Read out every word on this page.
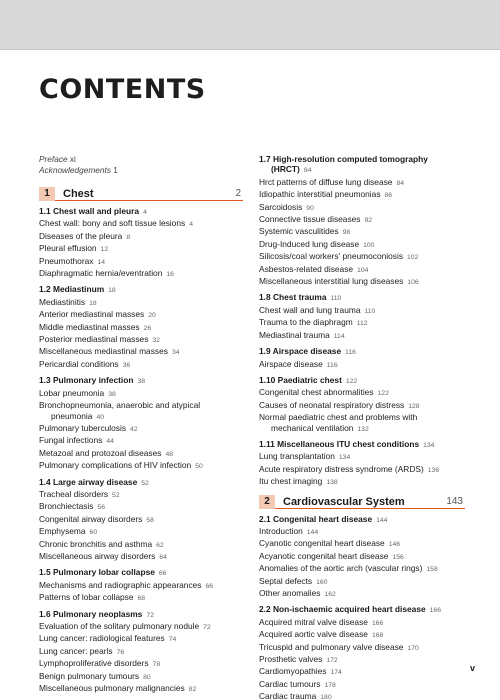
CONTENTS
Preface xi
Acknowledgements 1
1	Chest	2
1.1 Chest wall and pleura 4
Chest wall: bony and soft tissue lesions 4
Diseases of the pleura 8
Pleural effusion 12
Pneumothorax 14
Diaphragmatic hernia/eventration 16
1.2 Mediastinum 18
Mediastinitis 18
Anterior mediastinal masses 20
Middle mediastinal masses 26
Posterior mediastinal masses 32
Miscellaneous mediastinal masses 34
Pericardial conditions 36
1.3 Pulmonary infection 38
Lobar pneumonia 38
Bronchopneumonia, anaerobic and atypical
pneumonia 40
Pulmonary tuberculosis 42
Fungal infections 44
Metazoal and protozoal diseases 48
Pulmonary complications of HIV infection 50
1.4 Large airway disease 52
Tracheal disorders 52
Bronchiectasis 56
Congenital airway disorders 58
Emphysema 60
Chronic bronchitis and asthma 62
Miscellaneous airway disorders 64
1.5 Pulmonary lobar collapse 66
Mechanisms and radiographic appearances 66
Patterns of lobar collapse 68
1.6 Pulmonary neoplasms 72
Evaluation of the solitary pulmonary nodule 72
Lung cancer: radiological features 74
Lung cancer: pearls 76
Lymphoproliferative disorders 78
Benign pulmonary tumours 80
Miscellaneous pulmonary malignancies 82
1.7 High-resolution computed tomography
(HRCT) 84
Hrct patterns of diffuse lung disease 84
Idiopathic interstitial pneumonias 86
Sarcoidosis 90
Connective tissue diseases 92
Systemic vasculitides 98
Drug-Induced lung disease 100
Silicosis/coal workers' pneumoconiosis 102
Asbestos-related disease 104
Miscellaneous interstitial lung diseases 106
1.8 Chest trauma 110
Chest wall and lung trauma 110
Trauma to the diaphragm 112
Mediastinal trauma 114
1.9 Airspace disease 116
Airspace disease 116
1.10 Paediatric chest 122
Congenital chest abnormalities 122
Causes of neonatal respiratory distress 128
Normal paediatric chest and problems with
mechanical ventilation 132
1.11 Miscellaneous ITU chest conditions 134
Lung transplantation 134
Acute respiratory distress syndrome (ARDS) 136
Itu chest imaging 138
2	Cardiovascular System	143
2.1 Congenital heart disease 144
Introduction 144
Cyanotic congenital heart disease 146
Acyanotic congenital heart disease 156
Anomalies of the aortic arch (vascular rings) 158
Septal defects 160
Other anomalies 162
2.2 Non-ischaemic acquired heart disease 166
Acquired mitral valve disease 166
Acquired aortic valve disease 168
Tricuspid and pulmonary valve disease 170
Prosthetic valves 172
Cardiomyopathies 174
Cardiac tumours 178
Cardiac trauma 180
v
